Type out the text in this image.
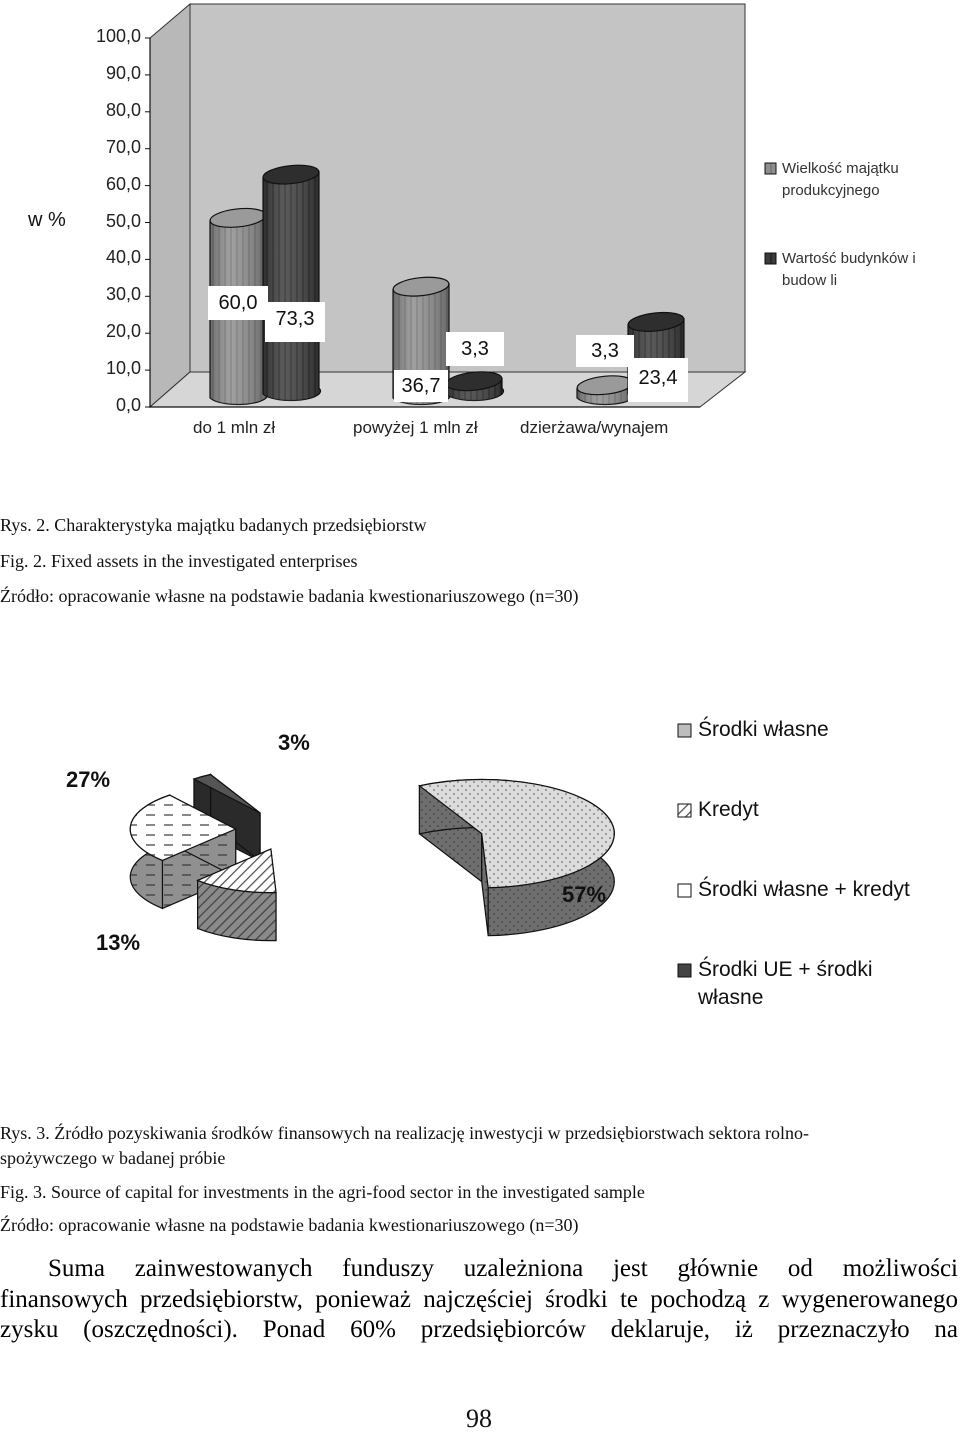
w %
100,0
90,0
80,0
70,0
60,0
50,0
40,0
30,0
20,0
10,0
0,0
do 1 mln zł	powyżej 1 mln zł dzierżawa/wynajem
60,0
73,3
3,3
36,7
3,3
23,4
Wielkość majątku produkcyjnego
Wartość budynków i budow li
Rys. 2. Charakterystyka majątku badanych przedsiębiorstw
Fig. 2. Fixed assets in the investigated enterprises
Źródło: opracowanie własne na podstawie badania kwestionariuszowego (n=30)
57%
13%
27%
3%
Środki własne
Kredyt
Środki własne + kredyt
Środki UE + środki własne
Rys. 3. Źródło pozyskiwania środków finansowych na realizację inwestycji w przedsiębiorstwach sektora rolno-
spożywczego w badanej próbie
Fig. 3. Source of capital for investments in the agri-food sector in the investigated sample
Źródło: opracowanie własne na podstawie badania kwestionariuszowego (n=30)
Suma zainwestowanych funduszy uzależniona jest głównie od możliwości
finansowych przedsiębiorstw, ponieważ najczęściej środki te pochodzą z wygenerowanego
zysku (oszczędności). Ponad 60% przedsiębiorców deklaruje, iż przeznaczyło na
98
